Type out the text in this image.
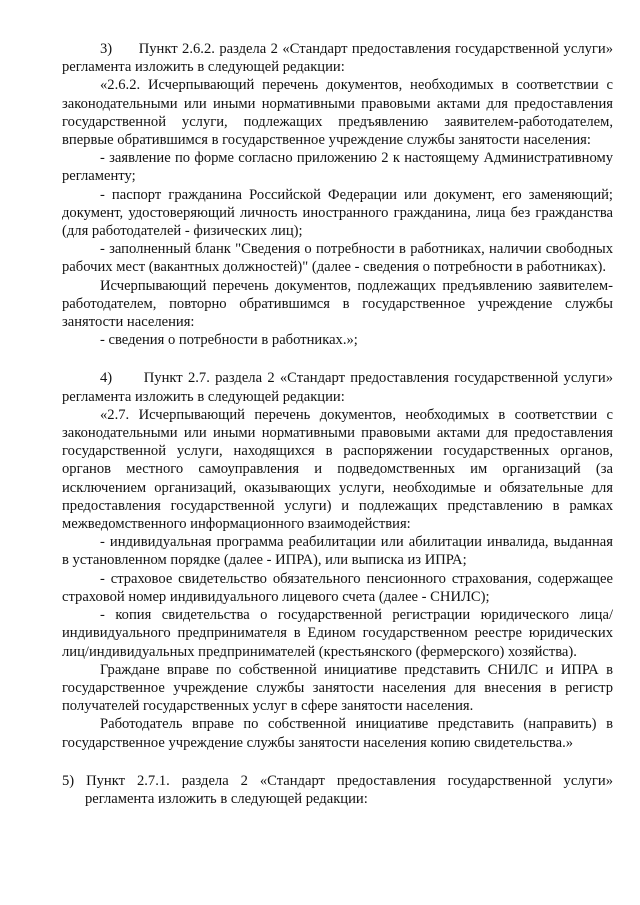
3)      Пункт 2.6.2. раздела 2 «Стандарт предоставления государственной услуги» регламента изложить в следующей редакции:

«2.6.2. Исчерпывающий перечень документов, необходимых в соответствии с законодательными или иными нормативными правовыми актами для предоставления государственной услуги, подлежащих предъявлению заявителем-работодателем, впервые обратившимся в государственное учреждение службы занятости населения:

- заявление по форме согласно приложению 2 к настоящему Административному регламенту;

- паспорт гражданина Российской Федерации или документ, его заменяющий; документ, удостоверяющий личность иностранного гражданина, лица без гражданства (для работодателей - физических лиц);

- заполненный бланк "Сведения о потребности в работниках, наличии свободных рабочих мест (вакантных должностей)" (далее - сведения о потребности в работниках).

Исчерпывающий перечень документов, подлежащих предъявлению заявителем-работодателем, повторно обратившимся в государственное учреждение службы занятости населения:

- сведения о потребности в работниках.»;

4)      Пункт 2.7. раздела 2 «Стандарт предоставления государственной услуги» регламента изложить в следующей редакции:

«2.7. Исчерпывающий перечень документов, необходимых в соответствии с законодательными или иными нормативными правовыми актами для предоставления государственной услуги, находящихся в распоряжении государственных органов, органов местного самоуправления и подведомственных им организаций (за исключением организаций, оказывающих услуги, необходимые и обязательные для предоставления государственной услуги) и подлежащих представлению в рамках межведомственного информационного взаимодействия:

- индивидуальная программа реабилитации или абилитации инвалида, выданная в установленном порядке (далее - ИПРА), или выписка из ИПРА;

- страховое свидетельство обязательного пенсионного страхования, содержащее страховой номер индивидуального лицевого счета (далее - СНИЛС);

- копия свидетельства о государственной регистрации юридического лица/индивидуального предпринимателя в Едином государственном реестре юридических лиц/индивидуальных предпринимателей (крестьянского (фермерского) хозяйства).

Граждане вправе по собственной инициативе представить СНИЛС и ИПРА в государственное учреждение службы занятости населения для внесения в регистр получателей государственных услуг в сфере занятости населения.

Работодатель вправе по собственной инициативе представить (направить) в государственное учреждение службы занятости населения копию свидетельства.»

5) Пункт 2.7.1. раздела 2 «Стандарт предоставления государственной услуги» регламента изложить в следующей редакции:
